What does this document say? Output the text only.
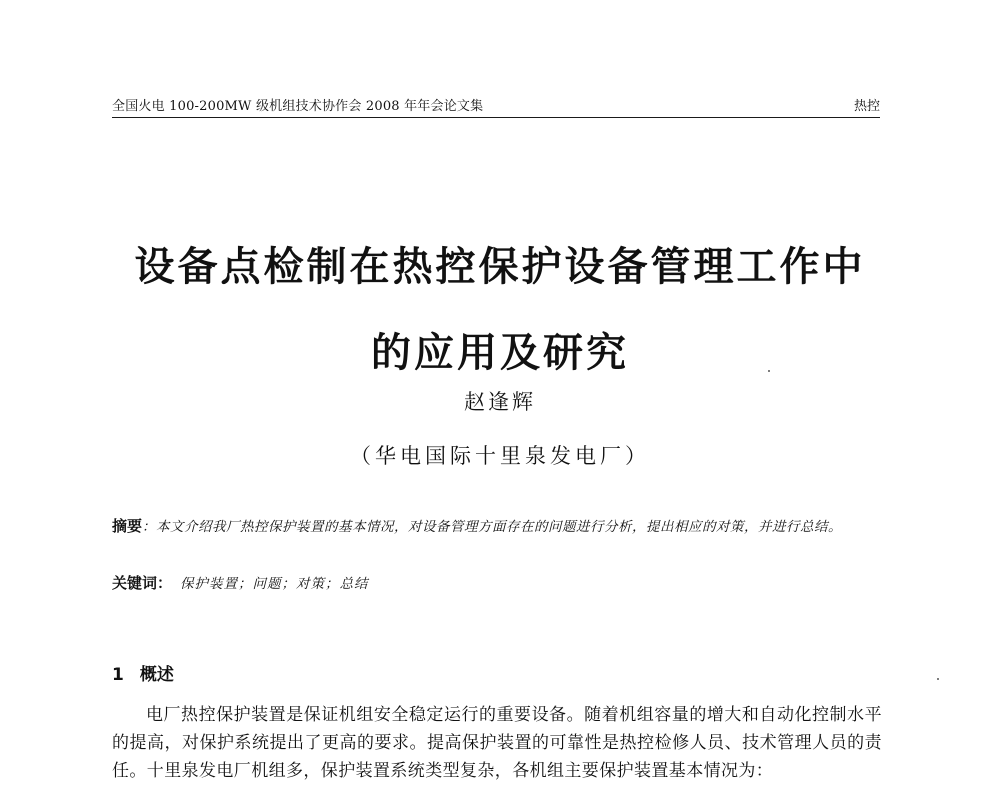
全国火电 100-200MW 级机组技术协作会 2008 年年会论文集	热控
设备点检制在热控保护设备管理工作中
的应用及研究
赵逢辉
（华电国际十里泉发电厂）
摘要：本文介绍我厂热控保护装置的基本情况，对设备管理方面存在的问题进行分析，提出相应的对策，并进行总结。
关键词： 保护装置；问题；对策；总结
1 概述

电厂热控保护装置是保证机组安全稳定运行的重要设备。随着机组容量的增大和自动化控制水平的提高，对保护系统提出了更高的要求。提高保护装置的可靠性是热控检修人员、技术管理人员的责任。十里泉发电厂机组多，保护装置系统类型复杂，各机组主要保护装置基本情况为：
